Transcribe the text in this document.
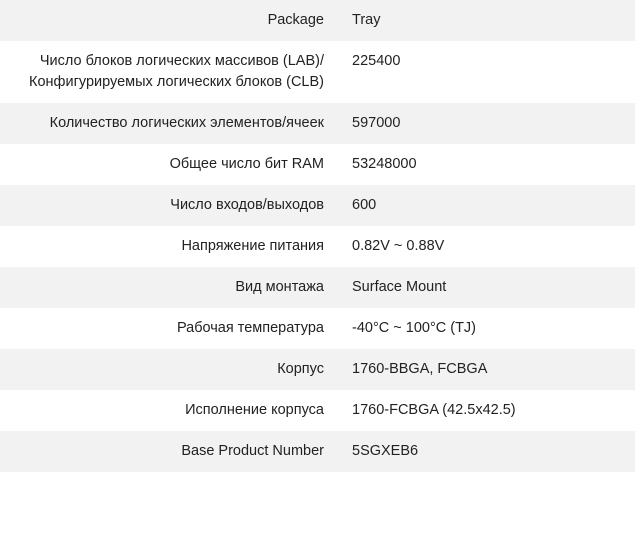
Package	Tray
Число блоков логических массивов (LAB)/ Конфигурируемых логических блоков (CLB)	225400
Количество логических элементов/ячеек	597000
Общее число бит RAM	53248000
Число входов/выходов	600
Напряжение питания	0.82V ~ 0.88V
Вид монтажа	Surface Mount
Рабочая температура	-40°C ~ 100°C (TJ)
Корпус	1760-BBGA, FCBGA
Исполнение корпуса	1760-FCBGA (42.5x42.5)
Base Product Number	5SGXEB6
